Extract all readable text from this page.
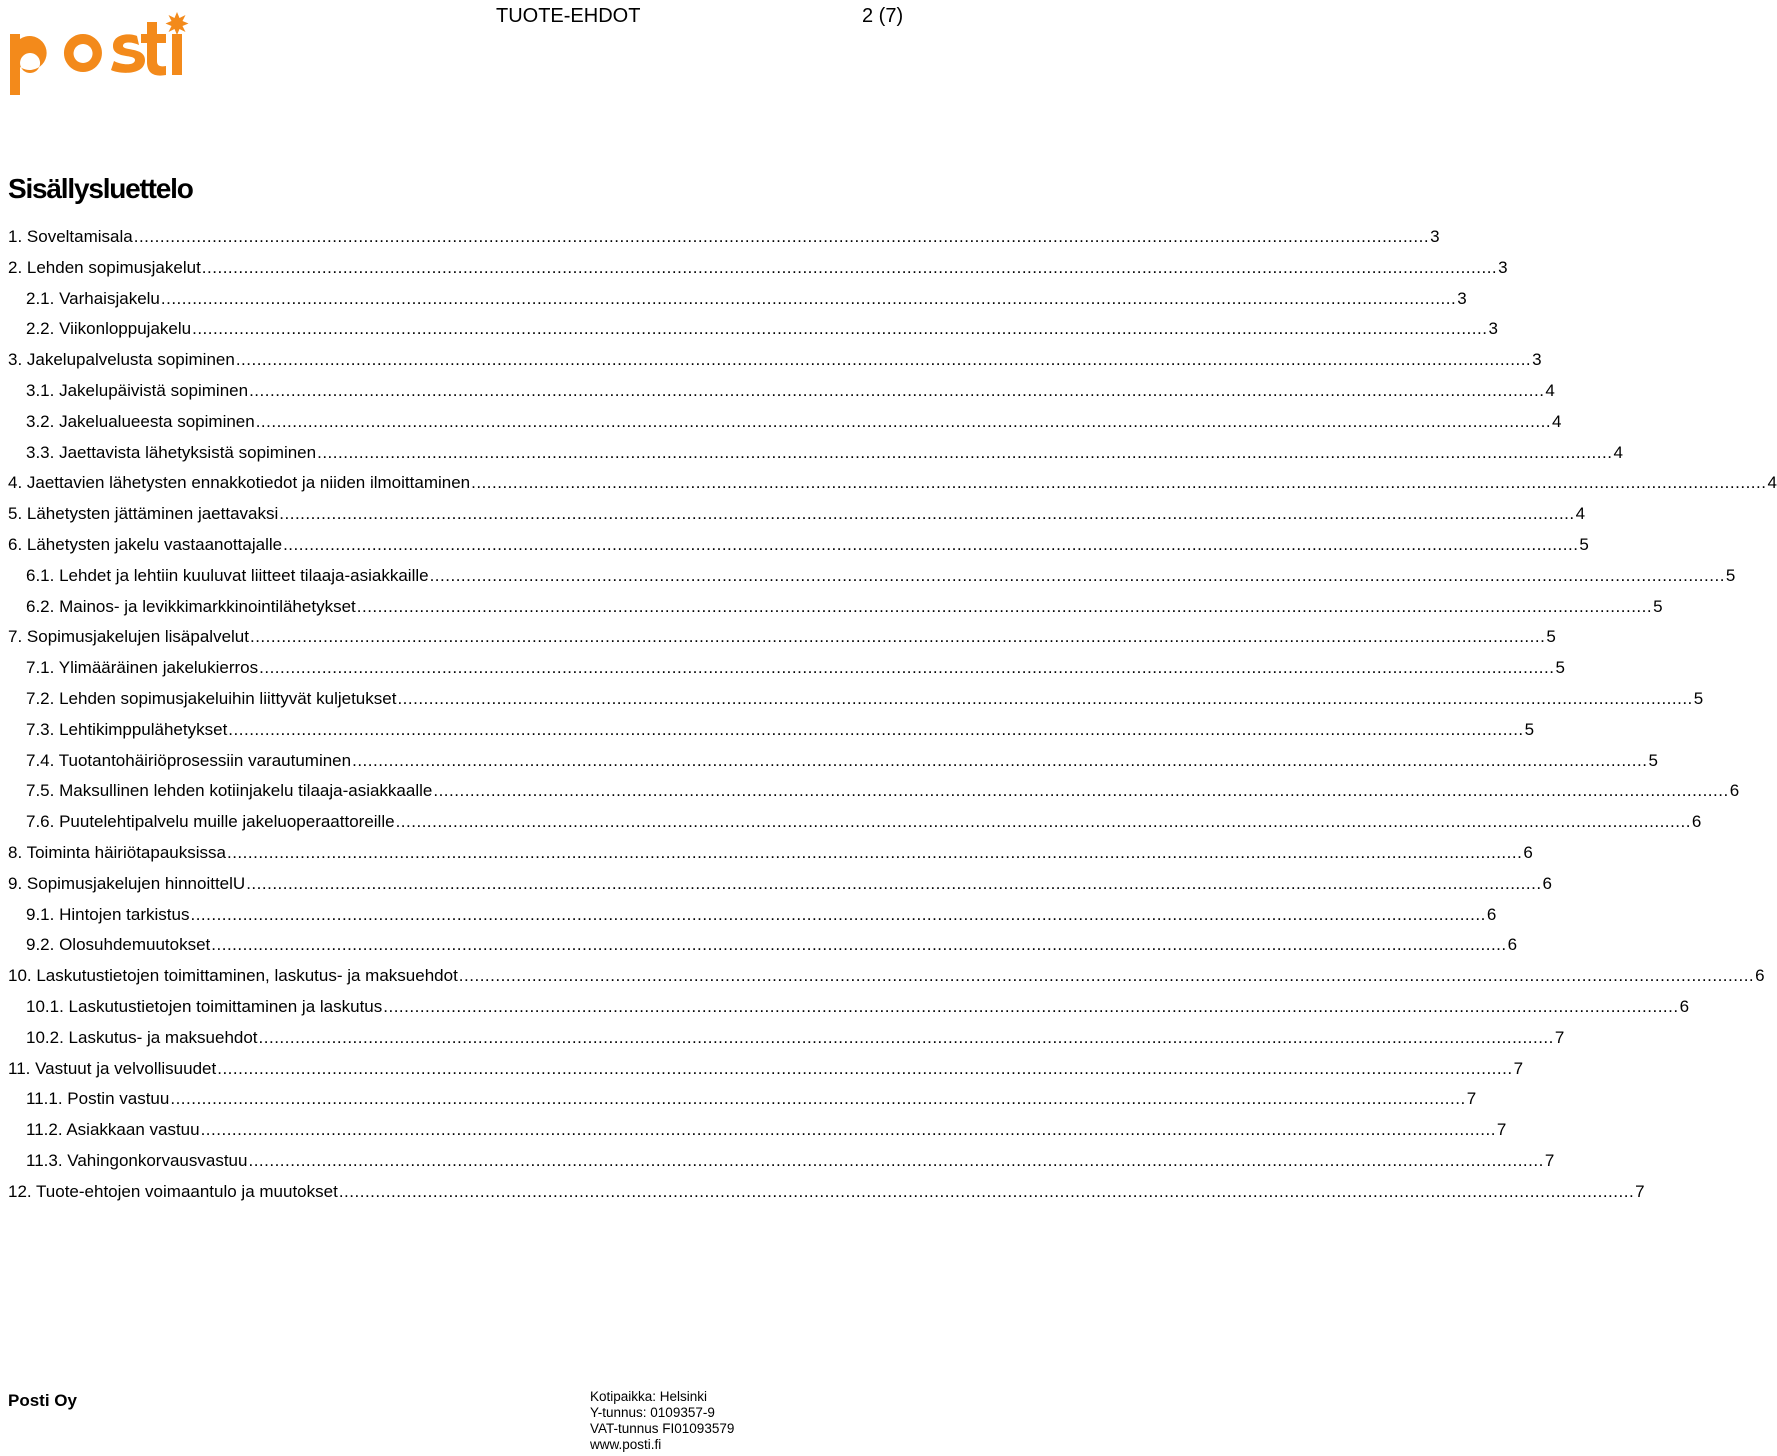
posti	TUOTE-EHDOT	2 (7)
Sisällysluettelo
1. Soveltamisala .....	3
2. Lehden sopimusjakelut .....	3
2.1. Varhaisjakelu .....	3
2.2. Viikonloppujakelu .....	3
3. Jakelupalvelusta sopiminen .....	3
3.1. Jakelupäivistä sopiminen .....	4
3.2. Jakelualueesta sopiminen .....	4
3.3. Jaettavista lähetyksistä sopiminen .....	4
4. Jaettavien lähetysten ennakkotiedot ja niiden ilmoittaminen .....	4
5. Lähetysten jättäminen jaettavaksi .....	4
6. Lähetysten jakelu vastaanottajalle .....	5
6.1. Lehdet ja lehtiin kuuluvat liitteet tilaaja-asiakkaille .....	5
6.2. Mainos- ja levikkimarkkinointilähetykset .....	5
7. Sopimusjakelujen lisäpalvelut .....	5
7.1. Ylimääräinen jakelukierros .....	5
7.2. Lehden sopimusjakeluihin liittyvät kuljetukset .....	5
7.3. Lehtikimppulähetykset .....	5
7.4. Tuotantohäiriöprosessiin varautuminen .....	5
7.5. Maksullinen lehden kotiinjakelu tilaaja-asiakkaalle .....	6
7.6. Puutelehtipalvelu muille jakeluoperaattoreille .....	6
8. Toiminta häiriötapauksissa .....	6
9. Sopimusjakelujen hinnoittelU .....	6
9.1. Hintojen tarkistus .....	6
9.2. Olosuhdemuutokset .....	6
10. Laskutustietojen toimittaminen, laskutus- ja maksuehdot .....	6
10.1. Laskutustietojen toimittaminen ja laskutus .....	6
10.2. Laskutus- ja maksuehdot .....	7
11. Vastuut ja velvollisuudet .....	7
11.1. Postin vastuu .....	7
11.2. Asiakkaan vastuu .....	7
11.3. Vahingonkorvausvastuu .....	7
12. Tuote-ehtojen voimaantulo ja muutokset .....	7
Posti Oy	Kotipaikka: Helsinki
Y-tunnus: 0109357-9
VAT-tunnus FI01093579
www.posti.fi
